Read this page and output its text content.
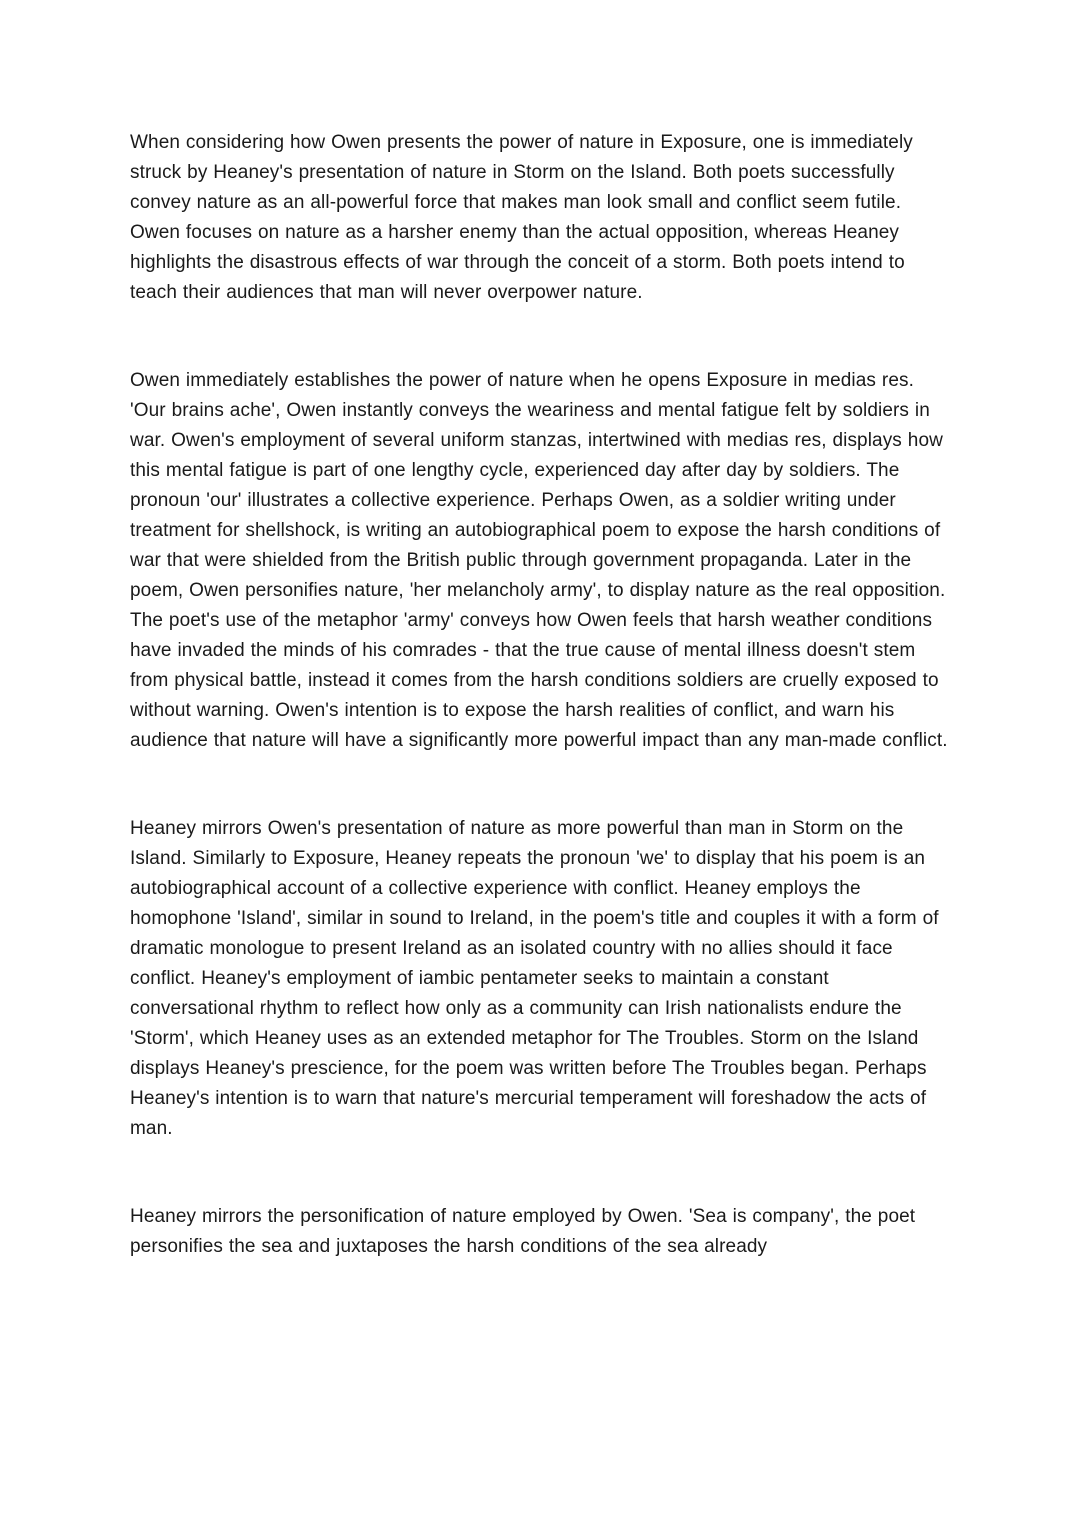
When considering how Owen presents the power of nature in Exposure, one is immediately struck by Heaney's presentation of nature in Storm on the Island. Both poets successfully convey nature as an all-powerful force that makes man look small and conflict seem futile. Owen focuses on nature as a harsher enemy than the actual opposition, whereas Heaney highlights the disastrous effects of war through the conceit of a storm. Both poets intend to teach their audiences that man will never overpower nature.

Owen immediately establishes the power of nature when he opens Exposure in medias res. 'Our brains ache', Owen instantly conveys the weariness and mental fatigue felt by soldiers in war. Owen's employment of several uniform stanzas, intertwined with medias res, displays how this mental fatigue is part of one lengthy cycle, experienced day after day by soldiers. The pronoun 'our' illustrates a collective experience. Perhaps Owen, as a soldier writing under treatment for shellshock, is writing an autobiographical poem to expose the harsh conditions of war that were shielded from the British public through government propaganda. Later in the poem, Owen personifies nature, 'her melancholy army', to display nature as the real opposition. The poet's use of the metaphor 'army' conveys how Owen feels that harsh weather conditions have invaded the minds of his comrades - that the true cause of mental illness doesn't stem from physical battle, instead it comes from the harsh conditions soldiers are cruelly exposed to without warning. Owen's intention is to expose the harsh realities of conflict, and warn his audience that nature will have a significantly more powerful impact than any man-made conflict.

Heaney mirrors Owen's presentation of nature as more powerful than man in Storm on the Island. Similarly to Exposure, Heaney repeats the pronoun 'we' to display that his poem is an autobiographical account of a collective experience with conflict. Heaney employs the homophone 'Island', similar in sound to Ireland, in the poem's title and couples it with a form of dramatic monologue to present Ireland as an isolated country with no allies should it face conflict. Heaney's employment of iambic pentameter seeks to maintain a constant conversational rhythm to reflect how only as a community can Irish nationalists endure the 'Storm', which Heaney uses as an extended metaphor for The Troubles. Storm on the Island displays Heaney's prescience, for the poem was written before The Troubles began. Perhaps Heaney's intention is to warn that nature's mercurial temperament will foreshadow the acts of man.

Heaney mirrors the personification of nature employed by Owen. 'Sea is company', the poet personifies the sea and juxtaposes the harsh conditions of the sea already
